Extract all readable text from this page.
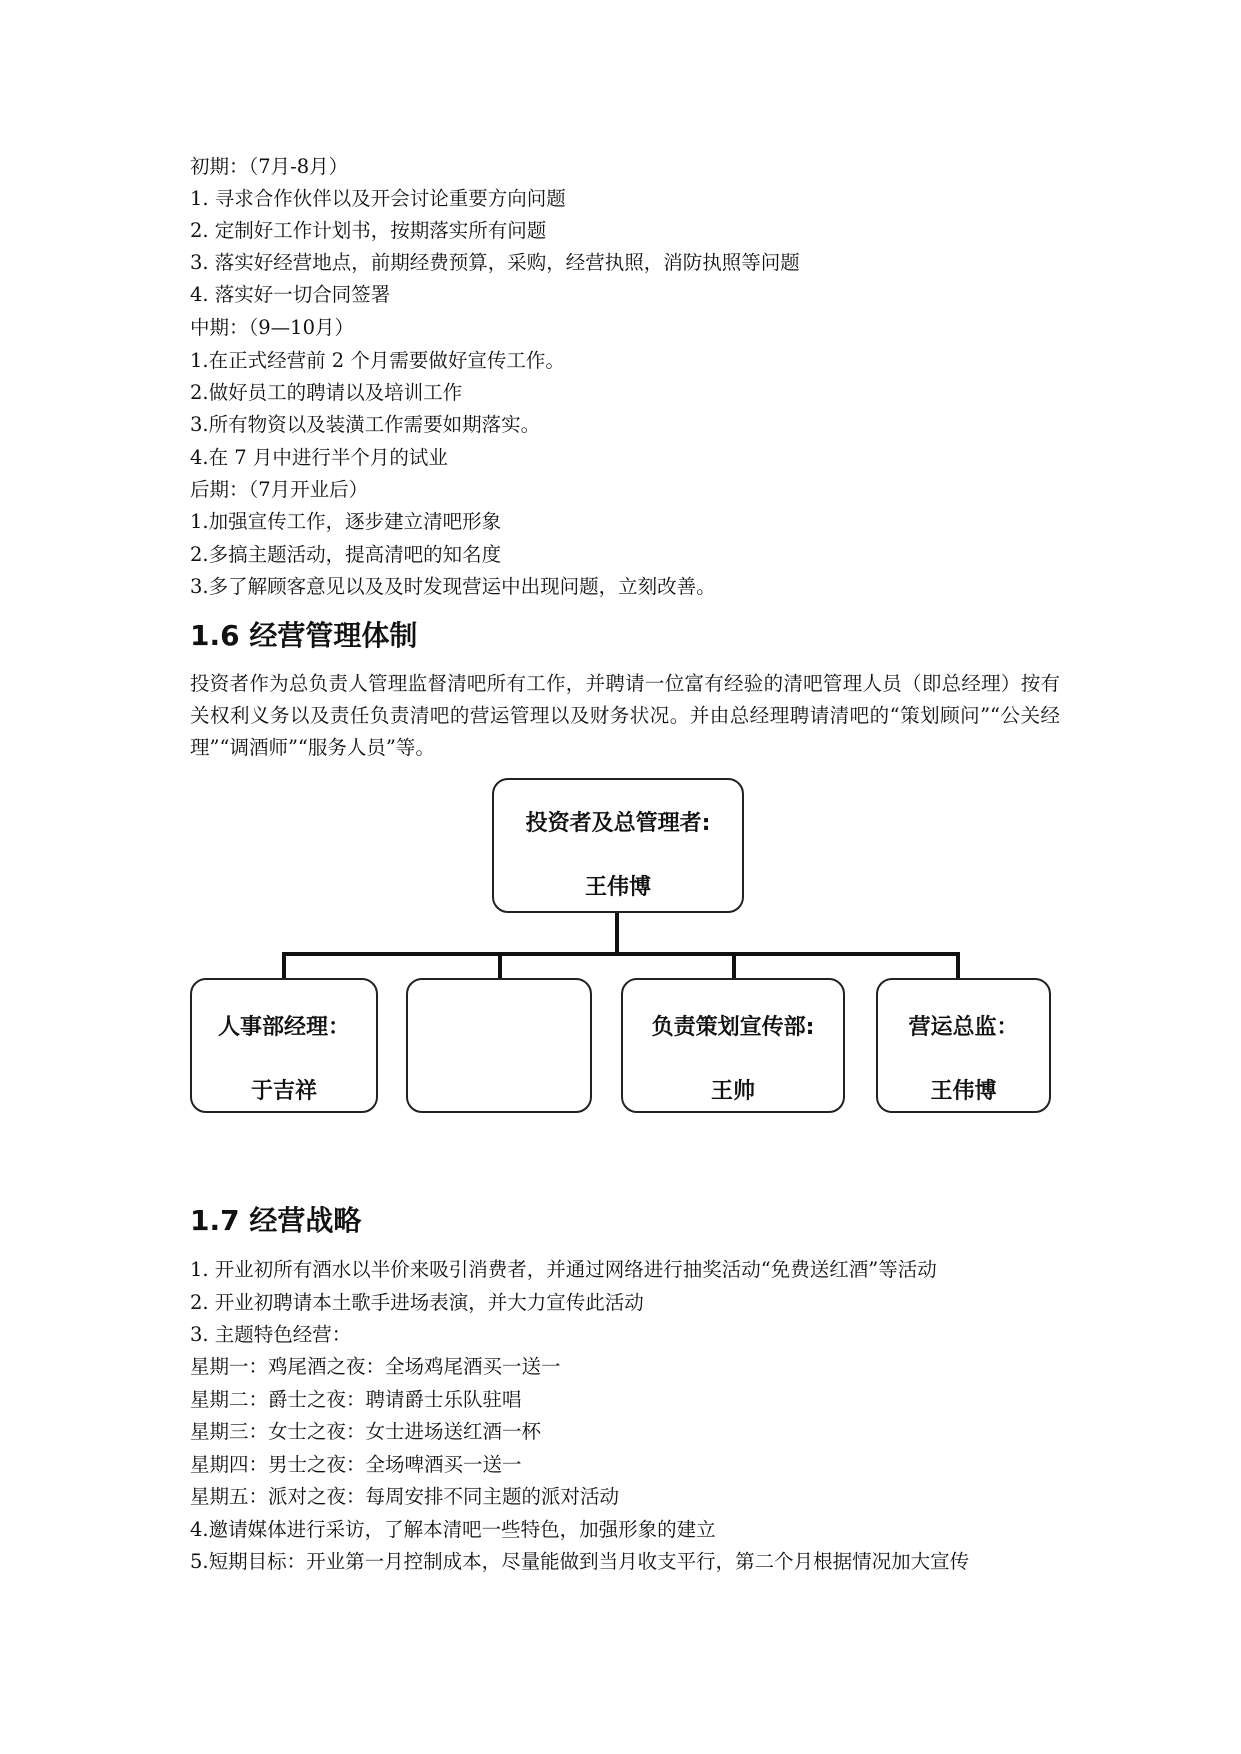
初期：（7月-8月）
1. 寻求合作伙伴以及开会讨论重要方向问题
2. 定制好工作计划书，按期落实所有问题
3. 落实好经营地点，前期经费预算，采购，经营执照，消防执照等问题
4. 落实好一切合同签署
中期：（9—10月）
1.在正式经营前 2 个月需要做好宣传工作。
2.做好员工的聘请以及培训工作
3.所有物资以及装潢工作需要如期落实。
4.在 7 月中进行半个月的试业
后期：（7月开业后）
1.加强宣传工作，逐步建立清吧形象
2.多搞主题活动，提高清吧的知名度
3.多了解顾客意见以及及时发现营运中出现问题，立刻改善。
1.6 经营管理体制
投资者作为总负责人管理监督清吧所有工作，并聘请一位富有经验的清吧管理人员（即总经理）按有关权利义务以及责任负责清吧的营运管理以及财务状况。并由总经理聘请清吧的“策划顾问”“公关经理”“调酒师”“服务人员”等。
投资者及总管理者:
王伟博
人事部经理：
于吉祥
负责策划宣传部:
王帅
营运总监：
王伟博
1.7 经营战略
1. 开业初所有酒水以半价来吸引消费者，并通过网络进行抽奖活动“免费送红酒”等活动
2. 开业初聘请本土歌手进场表演，并大力宣传此活动
3. 主题特色经营：
星期一：鸡尾酒之夜：全场鸡尾酒买一送一
星期二：爵士之夜：聘请爵士乐队驻唱
星期三：女士之夜：女士进场送红酒一杯
星期四：男士之夜：全场啤酒买一送一
星期五：派对之夜：每周安排不同主题的派对活动
4.邀请媒体进行采访，了解本清吧一些特色，加强形象的建立
5.短期目标：开业第一月控制成本，尽量能做到当月收支平行，第二个月根据情况加大宣传
